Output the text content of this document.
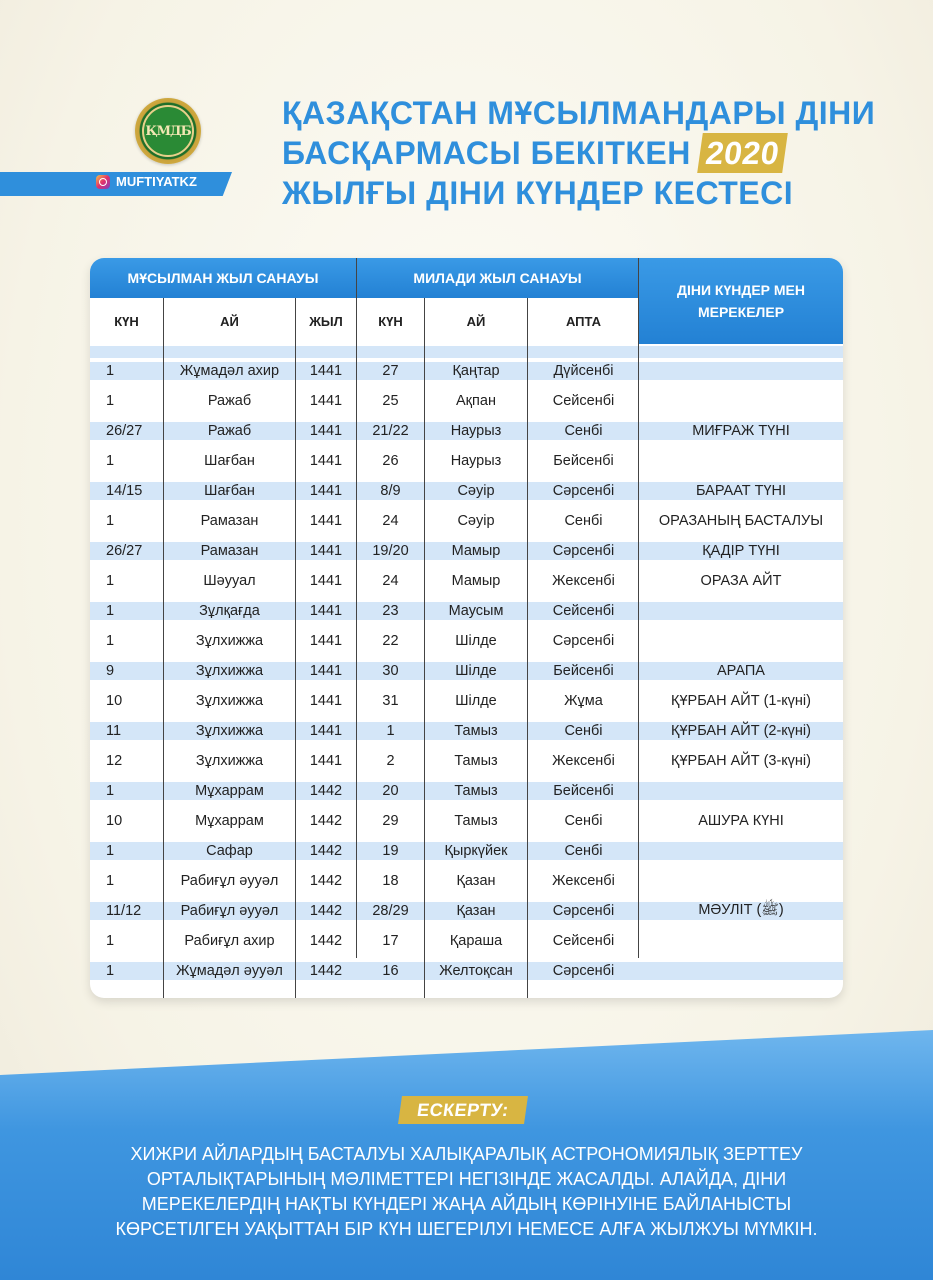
ҚМДБ
MUFTIYATKZ
ҚАЗАҚСТАН МҰСЫЛМАНДАРЫ ДІНИ БАСҚАРМАСЫ БЕКІТКЕН 2020 ЖЫЛҒЫ ДІНИ КҮНДЕР КЕСТЕСІ
МҰСЫЛМАН ЖЫЛ САНАУЫ	МИЛАДИ ЖЫЛ САНАУЫ
ДІНИ КҮНДЕР МЕН МЕРЕКЕЛЕР
КҮН	АЙ	ЖЫЛ	КҮН	АЙ	АПТА
1	Жұмадәл ахир	1441	27	Қаңтар	Дүйсенбі
1	Ражаб	1441	25	Ақпан	Сейсенбі
26/27	Ражаб	1441	21/22	Наурыз	Сенбі	МИҒРАЖ ТҮНІ
1	Шағбан	1441	26	Наурыз	Бейсенбі
14/15	Шағбан	1441	8/9	Сәуір	Сәрсенбі	БАРААТ ТҮНІ
1	Рамазан	1441	24	Сәуір	Сенбі	ОРАЗАНЫҢ БАСТАЛУЫ
26/27	Рамазан	1441	19/20	Мамыр	Сәрсенбі	ҚАДІР ТҮНІ
1	Шәууал	1441	24	Мамыр	Жексенбі	ОРАЗА АЙТ
1	Зұлқағда	1441	23	Маусым	Сейсенбі
1	Зұлхижжа	1441	22	Шілде	Сәрсенбі
9	Зұлхижжа	1441	30	Шілде	Бейсенбі	АРАПА
10	Зұлхижжа	1441	31	Шілде	Жұма	ҚҰРБАН АЙТ (1-күні)
11	Зұлхижжа	1441	1	Тамыз	Сенбі	ҚҰРБАН АЙТ (2-күні)
12	Зұлхижжа	1441	2	Тамыз	Жексенбі	ҚҰРБАН АЙТ (3-күні)
1	Мұхаррам	1442	20	Тамыз	Бейсенбі
10	Мұхаррам	1442	29	Тамыз	Сенбі	АШУРА КҮНІ
1	Сафар	1442	19	Қыркүйек	Сенбі
1	Рабиғұл әууәл	1442	18	Қазан	Жексенбі
11/12	Рабиғұл әууәл	1442	28/29	Қазан	Сәрсенбі	МӘУЛІТ (ﷺ)
1	Рабиғұл ахир	1442	17	Қараша	Сейсенбі
1	Жұмадәл әууәл	1442	16	Желтоқсан	Сәрсенбі
ЕСКЕРТУ:
ХИЖРИ АЙЛАРДЫҢ БАСТАЛУЫ ХАЛЫҚАРАЛЫҚ АСТРОНОМИЯЛЫҚ ЗЕРТТЕУ ОРТАЛЫҚТАРЫНЫҢ МӘЛІМЕТТЕРІ НЕГІЗІНДЕ ЖАСАЛДЫ. АЛАЙДА, ДІНИ МЕРЕКЕЛЕРДІҢ НАҚТЫ КҮНДЕРІ ЖАҢА АЙДЫҢ КӨРІНУІНЕ БАЙЛАНЫСТЫ КӨРСЕТІЛГЕН УАҚЫТТАН БІР КҮН ШЕГЕРІЛУІ НЕМЕСЕ АЛҒА ЖЫЛЖУЫ МҮМКІН.
